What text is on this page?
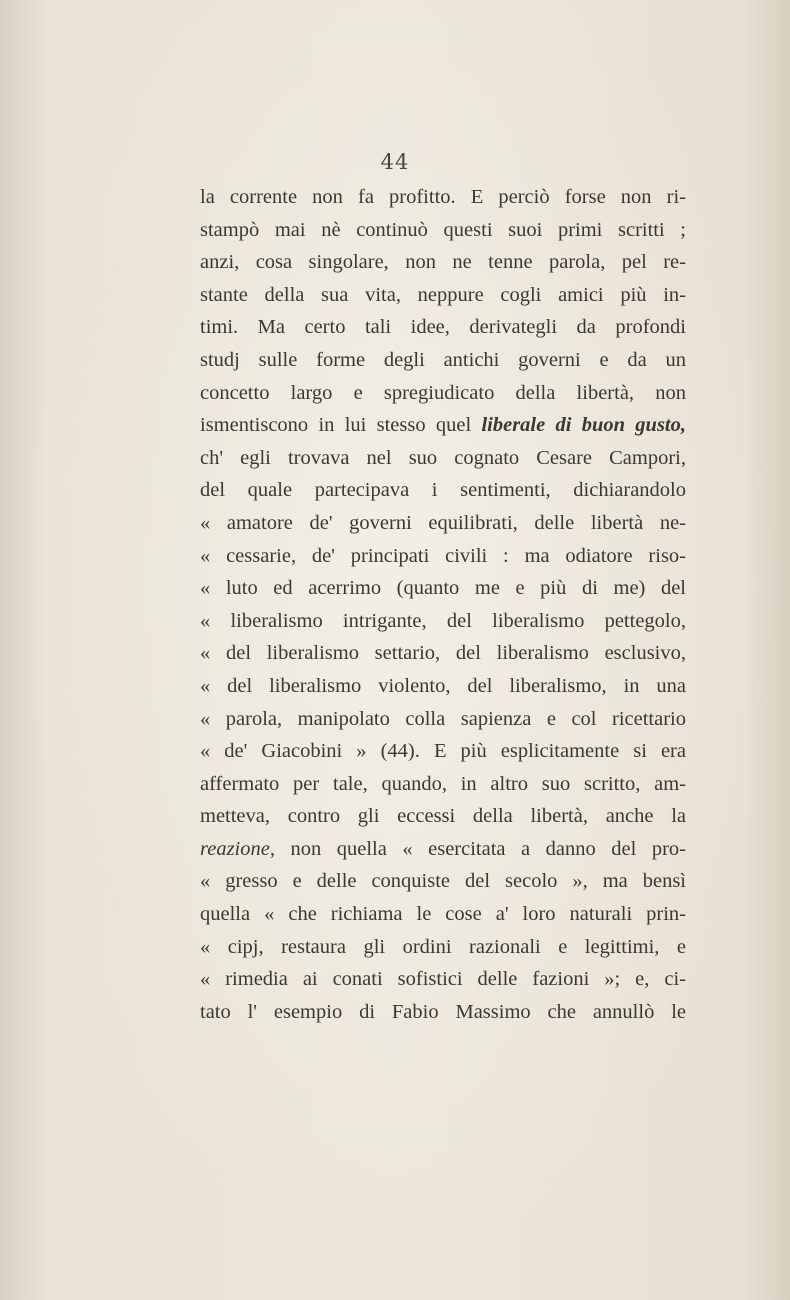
44
la corrente non fa profitto. E perciò forse non ri-
stampò mai nè continuò questi suoi primi scritti ;
anzi, cosa singolare, non ne tenne parola, pel re-
stante della sua vita, neppure cogli amici più in-
timi. Ma certo tali idee, derivategli da profondi
studj sulle forme degli antichi governi e da un
concetto largo e spregiudicato della libertà, non
ismentiscono in lui stesso quel liberale di buon gusto,
ch' egli trovava nel suo cognato Cesare Campori,
del quale partecipava i sentimenti, dichiarandolo
« amatore de' governi equilibrati, delle libertà ne-
« cessarie, de' principati civili : ma odiatore riso-
« luto ed acerrimo (quanto me e più di me) del
« liberalismo intrigante, del liberalismo pettegolo,
« del liberalismo settario, del liberalismo esclusivo,
« del liberalismo violento, del liberalismo, in una
« parola, manipolato colla sapienza e col ricettario
« de' Giacobini » (44). E più esplicitamente si era
affermato per tale, quando, in altro suo scritto, am-
metteva, contro gli eccessi della libertà, anche la
reazione, non quella « esercitata a danno del pro-
« gresso e delle conquiste del secolo », ma bensì
quella « che richiama le cose a' loro naturali prin-
« cipj, restaura gli ordini razionali e legittimi, e
« rimedia ai conati sofistici delle fazioni »; e, ci-
tato l' esempio di Fabio Massimo che annullò le
